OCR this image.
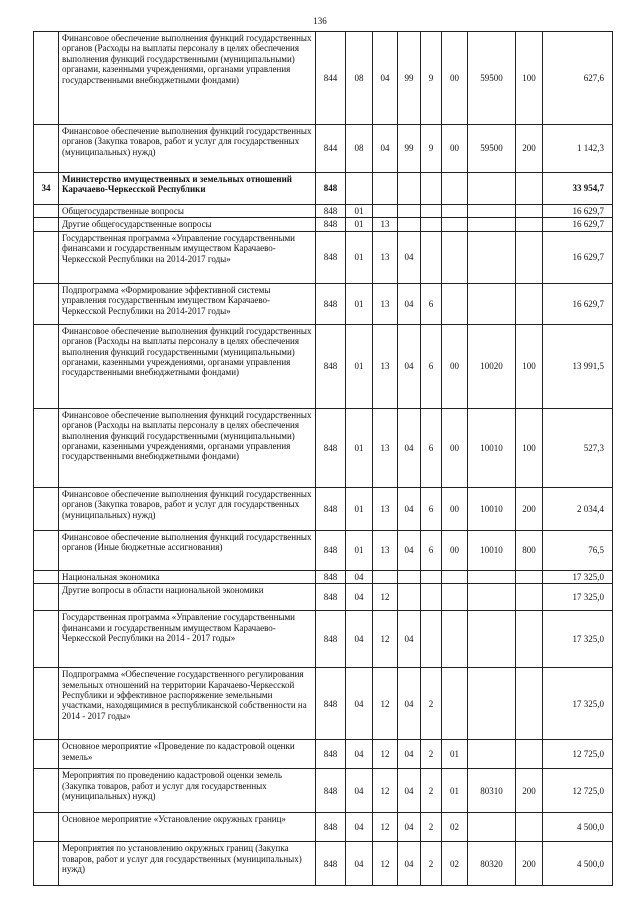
136
	Финансовое обеспечение выполнения функций государственных органов (Расходы на выплаты персоналу в целях обеспечения выполнения функций государственными (муниципальными) органами, казенными учреждениями, органами управления государственными внебюджетными фондами)	844	08	04	99	9	00	59500	100	627,6
	Финансовое обеспечение выполнения функций государственных органов (Закупка товаров, работ и услуг для государственных (муниципальных) нужд)	844	08	04	99	9	00	59500	200	1 142,3
34	Министерство имущественных и земельных отношений Карачаево-Черкесской Республики	848								33 954,7
	Общегосударственные вопросы	848	01							16 629,7
	Другие общегосударственные вопросы	848	01	13						16 629,7
	Государственная программа «Управление государственными финансами и государственным имуществом Карачаево-Черкесской Республики на 2014-2017 годы»	848	01	13	04					16 629,7
	Подпрограмма «Формирование эффективной системы управления государственным имуществом Карачаево-Черкесской Республики на 2014-2017 годы»	848	01	13	04	6				16 629,7
	Финансовое обеспечение выполнения функций государственных органов (Расходы на выплаты персоналу в целях обеспечения выполнения функций государственными (муниципальными) органами, казенными учреждениями, органами управления государственными внебюджетными фондами)	848	01	13	04	6	00	10020	100	13 991,5
	Финансовое обеспечение выполнения функций государственных органов (Расходы на выплаты персоналу в целях обеспечения выполнения функций государственными (муниципальными) органами, казенными учреждениями, органами управления государственными внебюджетными фондами)	848	01	13	04	6	00	10010	100	527,3
	Финансовое обеспечение выполнения функций государственных органов (Закупка товаров, работ и услуг для государственных (муниципальных) нужд)	848	01	13	04	6	00	10010	200	2 034,4
	Финансовое обеспечение выполнения функций государственных органов (Иные бюджетные ассигнования)	848	01	13	04	6	00	10010	800	76,5
	Национальная экономика	848	04							17 325,0
	Другие вопросы в области национальной экономики	848	04	12						17 325,0
	Государственная программа «Управление государственными финансами и государственным имуществом Карачаево-Черкесской Республики на 2014 - 2017 годы»	848	04	12	04					17 325,0
	Подпрограмма «Обеспечение государственного регулирования земельных отношений на территории Карачаево-Черкесской Республики и эффективное распоряжение земельными участками, находящимися в республиканской собственности на 2014 - 2017 годы»	848	04	12	04	2				17 325,0
	Основное мероприятие «Проведение по кадастровой оценки земель»	848	04	12	04	2	01			12 725,0
	Мероприятия по проведению кадастровой оценки земель (Закупка товаров, работ и услуг для государственных (муниципальных) нужд)	848	04	12	04	2	01	80310	200	12 725,0
	Основное мероприятие «Установление окружных границ»	848	04	12	04	2	02			4 500,0
	Мероприятия по установлению окружных границ (Закупка товаров, работ и услуг для государственных (муниципальных) нужд)	848	04	12	04	2	02	80320	200	4 500,0
